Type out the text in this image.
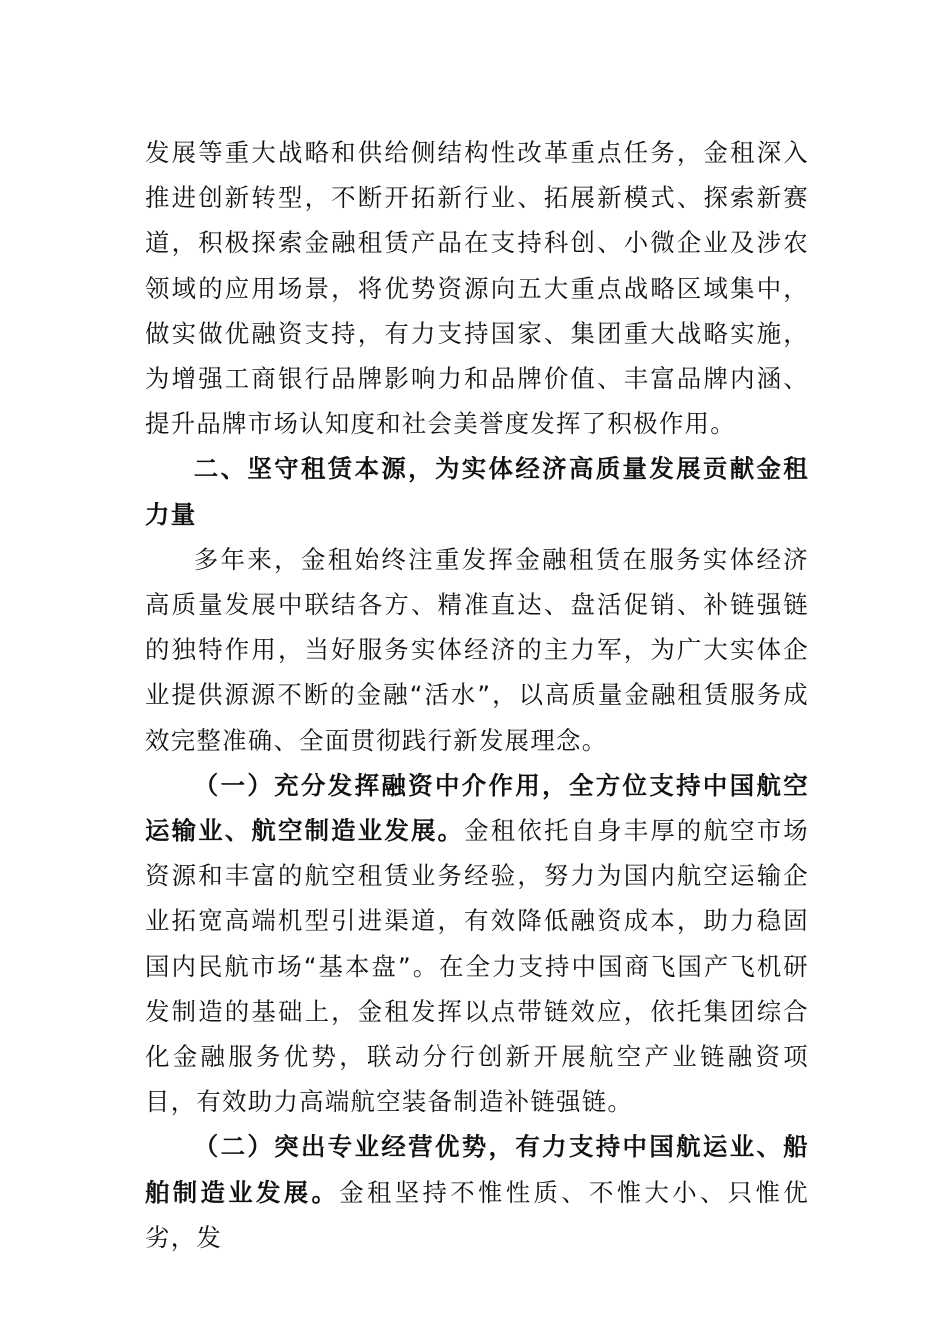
发展等重大战略和供给侧结构性改革重点任务，金租深入推进创新转型，不断开拓新行业、拓展新模式、探索新赛道，积极探索金融租赁产品在支持科创、小微企业及涉农领域的应用场景，将优势资源向五大重点战略区域集中，做实做优融资支持，有力支持国家、集团重大战略实施，为增强工商银行品牌影响力和品牌价值、丰富品牌内涵、提升品牌市场认知度和社会美誉度发挥了积极作用。

二、坚守租赁本源，为实体经济高质量发展贡献金租力量

多年来，金租始终注重发挥金融租赁在服务实体经济高质量发展中联结各方、精准直达、盘活促销、补链强链的独特作用，当好服务实体经济的主力军，为广大实体企业提供源源不断的金融“活水”，以高质量金融租赁服务成效完整准确、全面贯彻践行新发展理念。

（一）充分发挥融资中介作用，全方位支持中国航空运输业、航空制造业发展。金租依托自身丰厚的航空市场资源和丰富的航空租赁业务经验，努力为国内航空运输企业拓宽高端机型引进渠道，有效降低融资成本，助力稳固国内民航市场“基本盘”。在全力支持中国商飞国产飞机研发制造的基础上，金租发挥以点带链效应，依托集团综合化金融服务优势，联动分行创新开展航空产业链融资项目，有效助力高端航空装备制造补链强链。

（二）突出专业经营优势，有力支持中国航运业、船舶制造业发展。金租坚持不惟性质、不惟大小、只惟优劣，发
